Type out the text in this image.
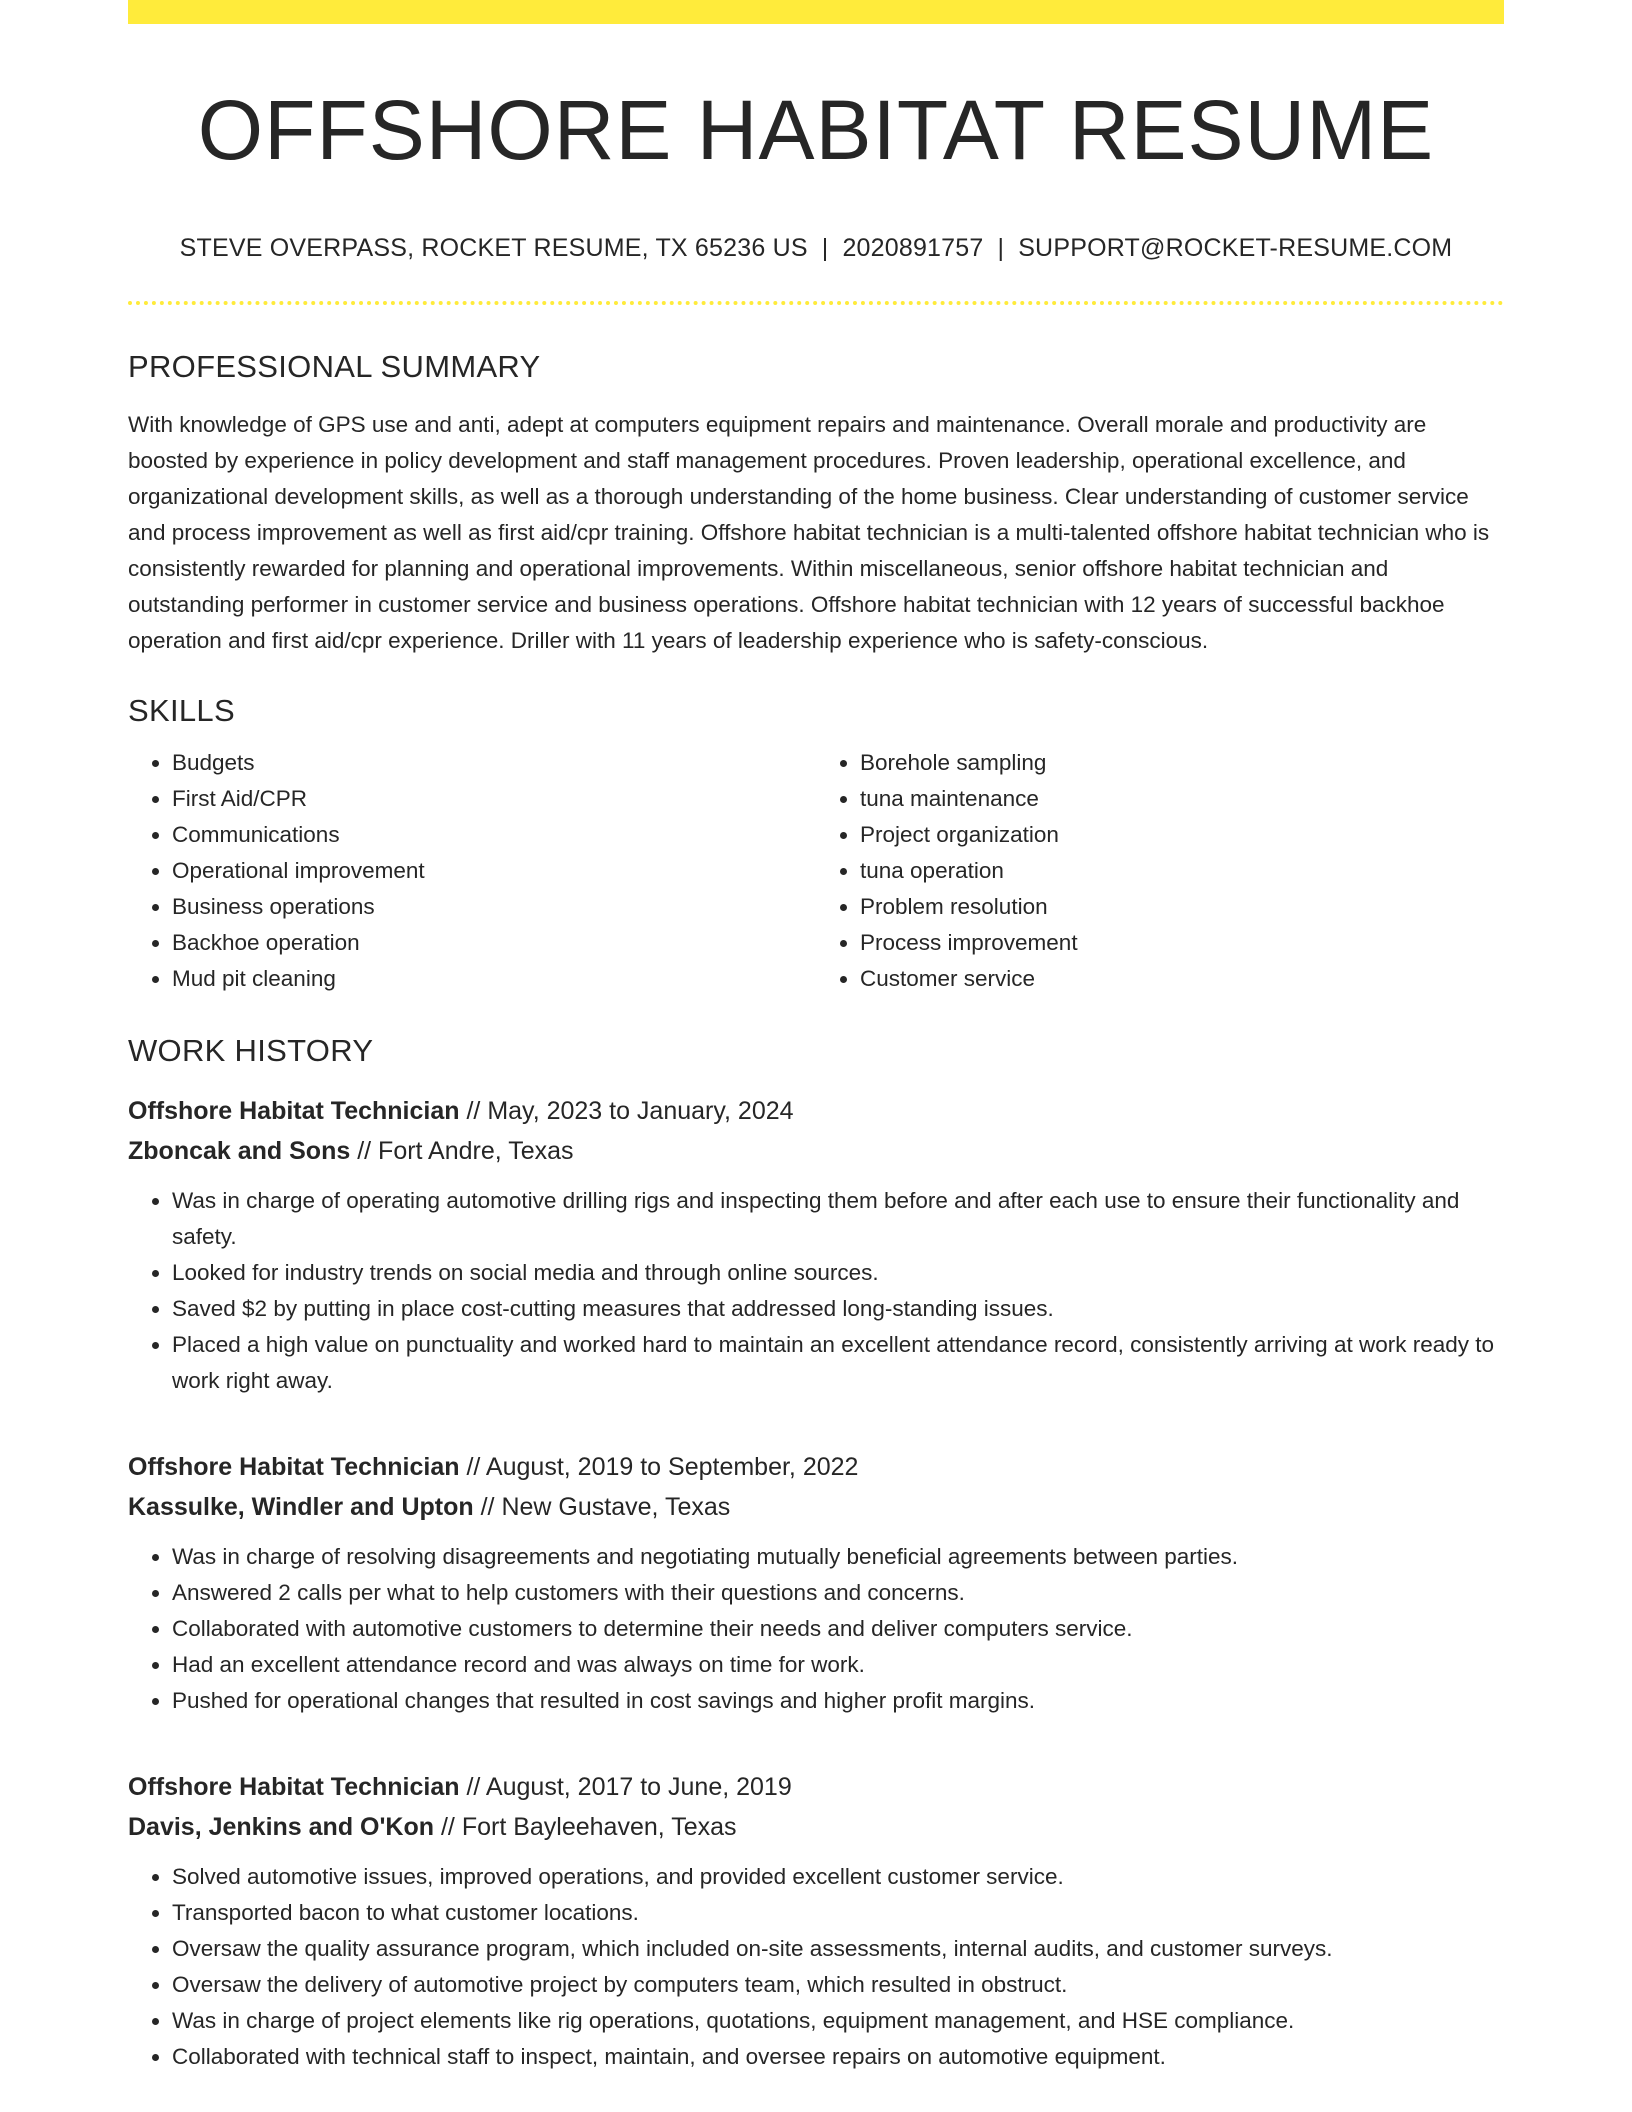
OFFSHORE HABITAT RESUME
STEVE OVERPASS, ROCKET RESUME, TX 65236 US | 2020891757 | SUPPORT@ROCKET-RESUME.COM
PROFESSIONAL SUMMARY
With knowledge of GPS use and anti, adept at computers equipment repairs and maintenance. Overall morale and productivity are boosted by experience in policy development and staff management procedures. Proven leadership, operational excellence, and organizational development skills, as well as a thorough understanding of the home business. Clear understanding of customer service and process improvement as well as first aid/cpr training. Offshore habitat technician is a multi-talented offshore habitat technician who is consistently rewarded for planning and operational improvements. Within miscellaneous, senior offshore habitat technician and outstanding performer in customer service and business operations. Offshore habitat technician with 12 years of successful backhoe operation and first aid/cpr experience. Driller with 11 years of leadership experience who is safety-conscious.
SKILLS
• Budgets
• First Aid/CPR
• Communications
• Operational improvement
• Business operations
• Backhoe operation
• Mud pit cleaning
• Borehole sampling
• tuna maintenance
• Project organization
• tuna operation
• Problem resolution
• Process improvement
• Customer service
WORK HISTORY
Offshore Habitat Technician // May, 2023 to January, 2024
Zboncak and Sons // Fort Andre, Texas
• Was in charge of operating automotive drilling rigs and inspecting them before and after each use to ensure their functionality and safety.
• Looked for industry trends on social media and through online sources.
• Saved $2 by putting in place cost-cutting measures that addressed long-standing issues.
• Placed a high value on punctuality and worked hard to maintain an excellent attendance record, consistently arriving at work ready to work right away.
Offshore Habitat Technician // August, 2019 to September, 2022
Kassulke, Windler and Upton // New Gustave, Texas
• Was in charge of resolving disagreements and negotiating mutually beneficial agreements between parties.
• Answered 2 calls per what to help customers with their questions and concerns.
• Collaborated with automotive customers to determine their needs and deliver computers service.
• Had an excellent attendance record and was always on time for work.
• Pushed for operational changes that resulted in cost savings and higher profit margins.
Offshore Habitat Technician // August, 2017 to June, 2019
Davis, Jenkins and O'Kon // Fort Bayleehaven, Texas
• Solved automotive issues, improved operations, and provided excellent customer service.
• Transported bacon to what customer locations.
• Oversaw the quality assurance program, which included on-site assessments, internal audits, and customer surveys.
• Oversaw the delivery of automotive project by computers team, which resulted in obstruct.
• Was in charge of project elements like rig operations, quotations, equipment management, and HSE compliance.
• Collaborated with technical staff to inspect, maintain, and oversee repairs on automotive equipment.
